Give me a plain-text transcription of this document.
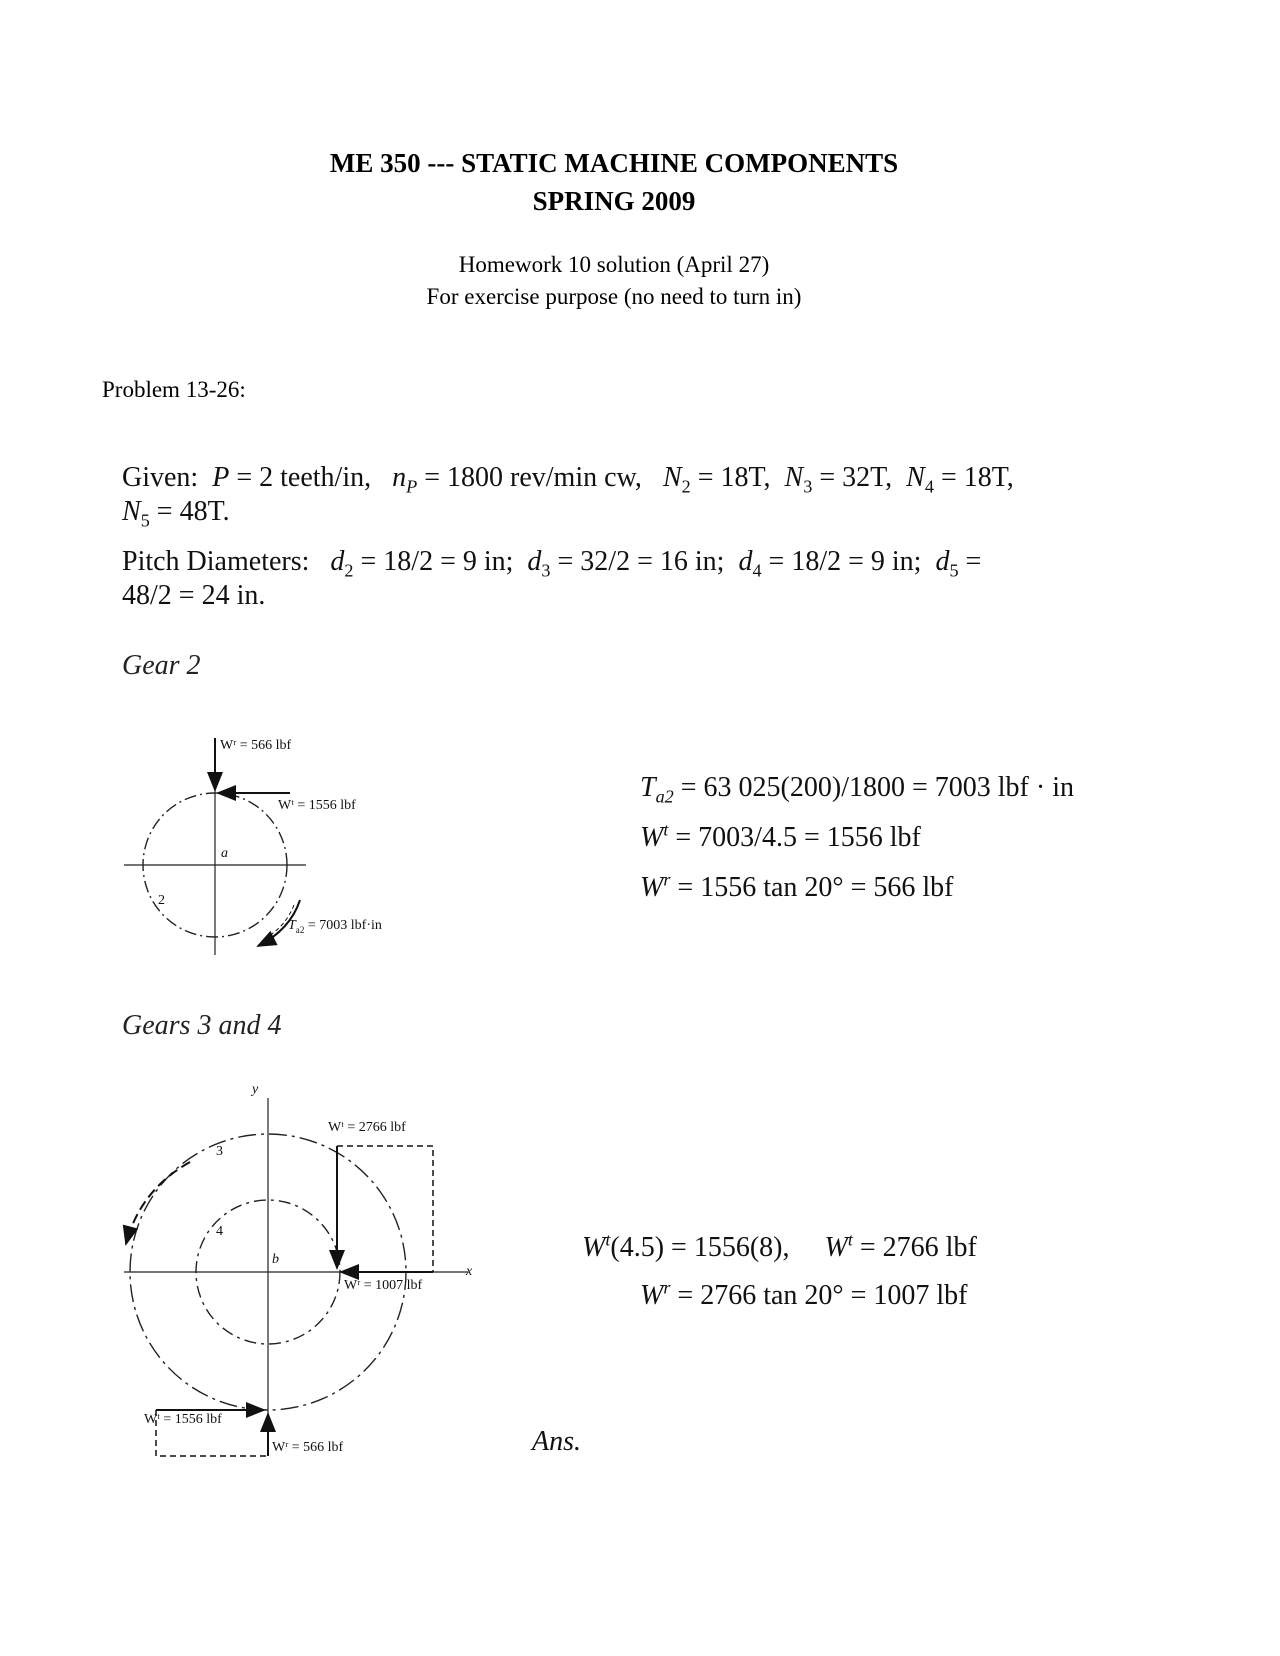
ME 350 --- STATIC MACHINE COMPONENTS
SPRING 2009
Homework 10 solution (April 27)
For exercise purpose (no need to turn in)
Problem 13-26:
Given:  P = 2 teeth/in,   $n_P = 1800$ rev/min cw,   $N_2 = 18T$,  $N_3 = 32T$,  $N_4 = 18T$,
$N_5 = 48T$.
Pitch Diameters:   $d_2 = 18/2 = 9$ in;  $d_3 = 32/2 = 16$ in;  $d_4 = 18/2 = 9$ in;  $d_5$ =
48/2 = 24 in.
Gear 2
Wʳ = 566 lbf
Wᵗ = 1556 lbf
a
2
$T_{a2} = 7003$ lbf·in
$T_{a2} = 63$ 025(200)/1800 = 7003 lbf · in
$W^t = 7003/4.5 = 1556$ lbf
$W^r = 1556$ tan 20° = 566 lbf
Gears 3 and 4
y
x
3
4
b
Wᵗ = 2766 lbf
Wʳ = 1007 lbf
Wᵗ = 1556 lbf
Wʳ = 566 lbf
$W^t(4.5) = 1556(8)$,     $W^t = 2766$ lbf
$W^r = 2766$ tan 20° = 1007 lbf
Ans.
